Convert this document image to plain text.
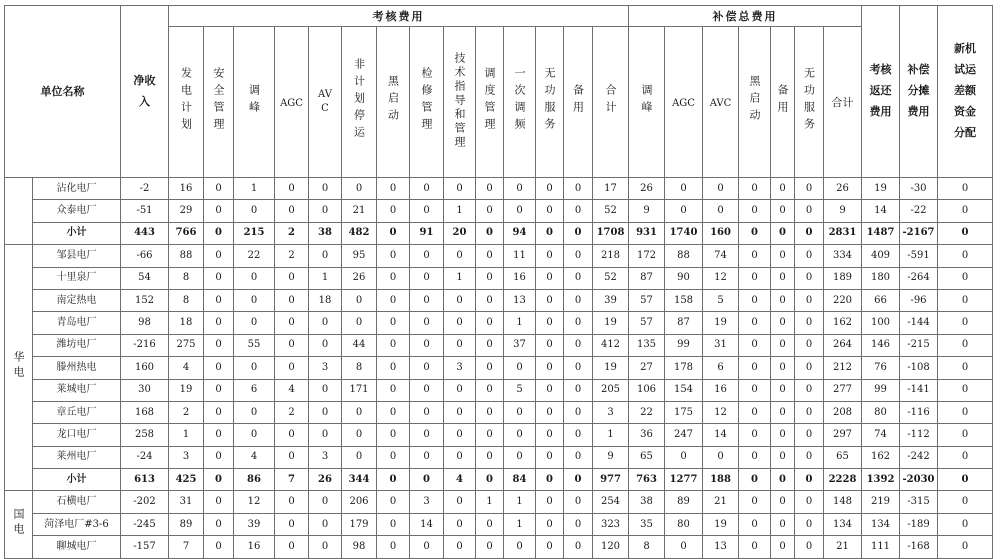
单位名称		净收入	考核费用														补偿总费用							考核返还费用	补偿分摊费用	新机试运差额资金分配
			发电计划	安全管理	调峰	AGC	AVC	非计划停运	黑启动	检修管理	技术指导和管理	调度管理	一次调频	无功服务	备用	合计	调峰	AGC	AVC	黑启动	备用	无功服务	合计			
	沾化电厂	-2	16	0	1	0	0	0	0	0	0	0	0	0	0	17	26	0	0	0	0	0	26	19	-30	0
	众泰电厂	-51	29	0	0	0	0	21	0	0	1	0	0	0	0	52	9	0	0	0	0	0	9	14	-22	0
	小计	443	766	0	215	2	38	482	0	91	20	0	94	0	0	1708	931	1740	160	0	0	0	2831	1487	-2167	0
华电	邹县电厂	-66	88	0	22	2	0	95	0	0	0	0	11	0	0	218	172	88	74	0	0	0	334	409	-591	0
	十里泉厂	54	8	0	0	0	1	26	0	0	1	0	16	0	0	52	87	90	12	0	0	0	189	180	-264	0
	南定热电	152	8	0	0	0	18	0	0	0	0	0	13	0	0	39	57	158	5	0	0	0	220	66	-96	0
	青岛电厂	98	18	0	0	0	0	0	0	0	0	0	1	0	0	19	57	87	19	0	0	0	162	100	-144	0
	潍坊电厂	-216	275	0	55	0	0	44	0	0	0	0	37	0	0	412	135	99	31	0	0	0	264	146	-215	0
	滕州热电	160	4	0	0	0	3	8	0	0	3	0	0	0	0	19	27	178	6	0	0	0	212	76	-108	0
	莱城电厂	30	19	0	6	4	0	171	0	0	0	0	5	0	0	205	106	154	16	0	0	0	277	99	-141	0
	章丘电厂	168	2	0	0	2	0	0	0	0	0	0	0	0	0	3	22	175	12	0	0	0	208	80	-116	0
	龙口电厂	258	1	0	0	0	0	0	0	0	0	0	0	0	0	1	36	247	14	0	0	0	297	74	-112	0
	莱州电厂	-24	3	0	4	0	3	0	0	0	0	0	0	0	0	9	65	0	0	0	0	0	65	162	-242	0
	小计	613	425	0	86	7	26	344	0	0	4	0	84	0	0	977	763	1277	188	0	0	0	2228	1392	-2030	0
国电	石横电厂	-202	31	0	12	0	0	206	0	3	0	1	1	0	0	254	38	89	21	0	0	0	148	219	-315	0
	菏泽电厂#3-6	-245	89	0	39	0	0	179	0	14	0	0	1	0	0	323	35	80	19	0	0	0	134	134	-189	0
	聊城电厂	-157	7	0	16	0	0	98	0	0	0	0	0	0	0	120	8	0	13	0	0	0	21	111	-168	0
